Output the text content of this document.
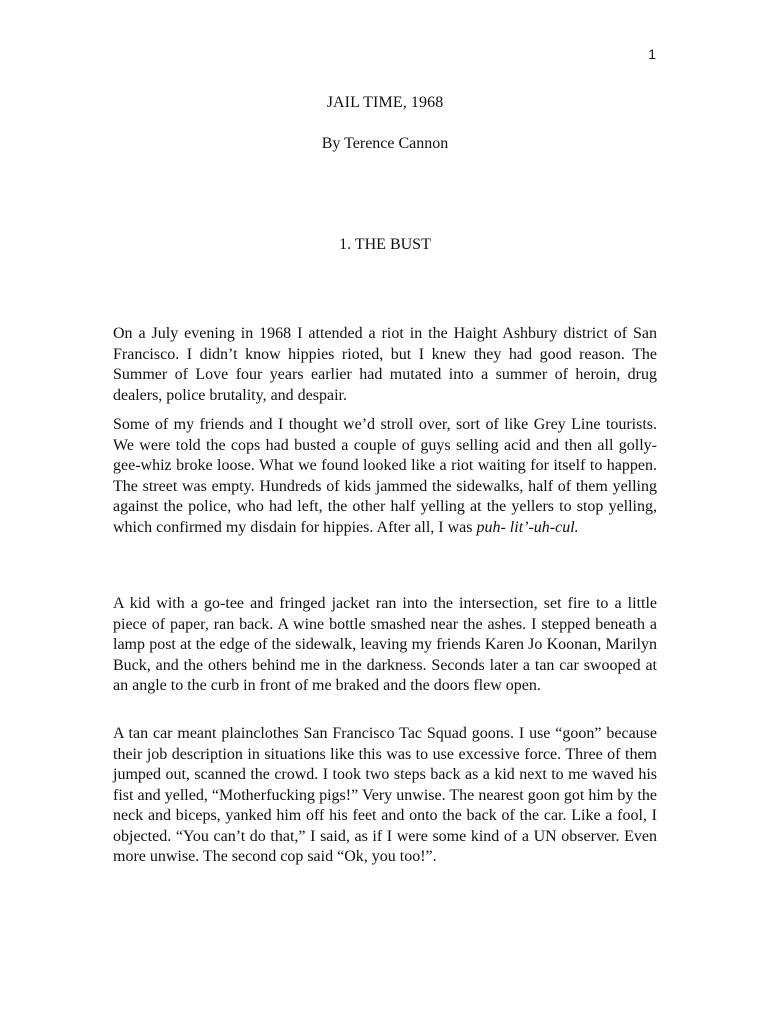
1
JAIL TIME, 1968
By Terence Cannon
1. THE BUST

On a July evening in 1968 I attended a riot in the Haight Ashbury district of San Francisco. I didn’t know hippies rioted, but I knew they had good reason. The Summer of Love four years earlier had mutated into a summer of heroin, drug dealers, police brutality, and despair.

Some of my friends and I thought we’d stroll over, sort of like Grey Line tourists. We were told the cops had busted a couple of guys selling acid and then all golly-gee-whiz broke loose. What we found looked like a riot waiting for itself to happen. The street was empty. Hundreds of kids jammed the sidewalks, half of them yelling against the police, who had left, the other half yelling at the yellers to stop yelling, which confirmed my disdain for hippies. After all, I was puh- lit’-uh-cul.

A kid with a go-tee and fringed jacket ran into the intersection, set fire to a little piece of paper, ran back. A wine bottle smashed near the ashes. I stepped beneath a lamp post at the edge of the sidewalk, leaving my friends Karen Jo Koonan, Marilyn Buck, and the others behind me in the darkness. Seconds later a tan car swooped at an angle to the curb in front of me braked and the doors flew open.

A tan car meant plainclothes San Francisco Tac Squad goons. I use “goon” because their job description in situations like this was to use excessive force. Three of them jumped out, scanned the crowd. I took two steps back as a kid next to me waved his fist and yelled, “Motherfucking pigs!” Very unwise. The nearest goon got him by the neck and biceps, yanked him off his feet and onto the back of the car. Like a fool, I objected. “You can’t do that,” I said, as if I were some kind of a UN observer. Even more unwise. The second cop said “Ok, you too!”.
